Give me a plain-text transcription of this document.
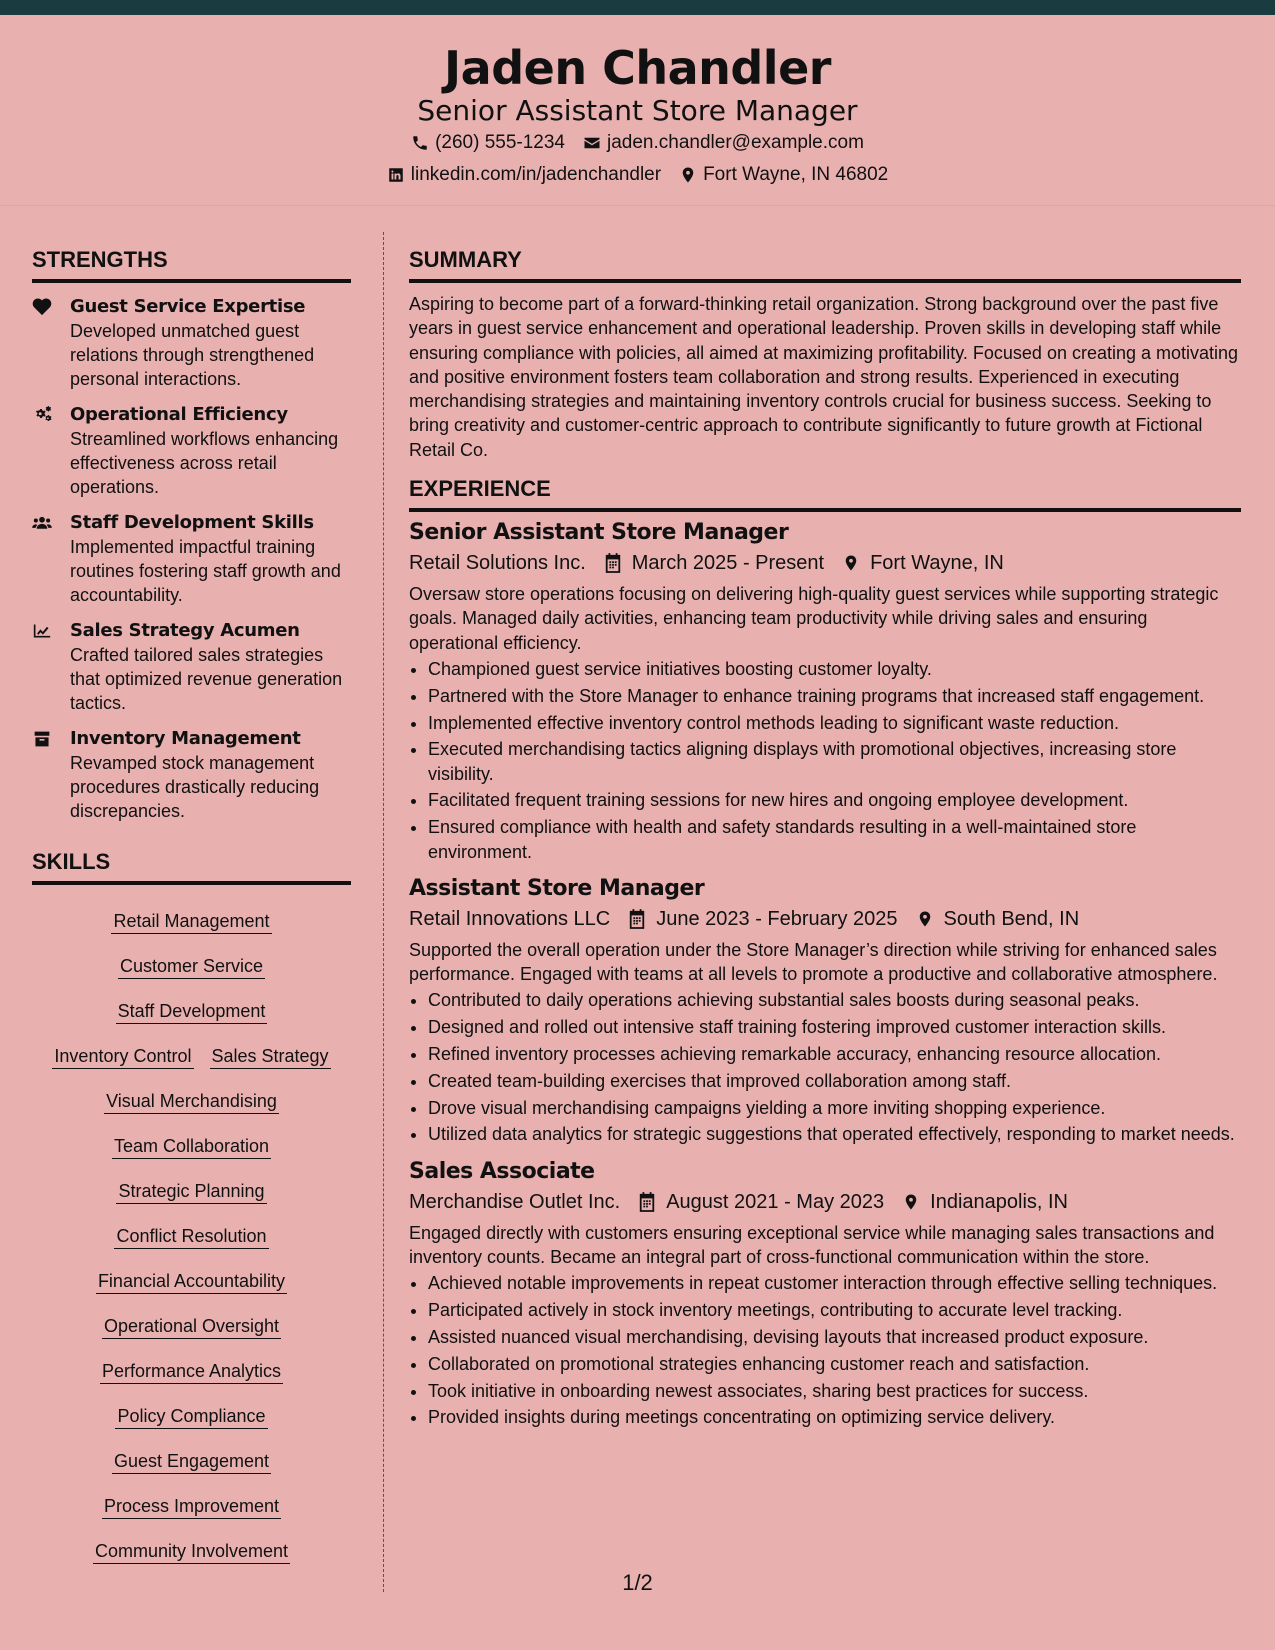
Jaden Chandler
Senior Assistant Store Manager
(260) 555-1234 jaden.chandler@example.com
linkedin.com/in/jadenchandler Fort Wayne, IN 46802
STRENGTHS
Guest Service Expertise
Developed unmatched guest relations through strengthened personal interactions.
Operational Efficiency
Streamlined workflows enhancing effectiveness across retail operations.
Staff Development Skills
Implemented impactful training routines fostering staff growth and accountability.
Sales Strategy Acumen
Crafted tailored sales strategies that optimized revenue generation tactics.
Inventory Management
Revamped stock management procedures drastically reducing discrepancies.
SKILLS
Retail Management
Customer Service
Staff Development
Inventory Control Sales Strategy
Visual Merchandising
Team Collaboration
Strategic Planning
Conflict Resolution
Financial Accountability
Operational Oversight
Performance Analytics
Policy Compliance
Guest Engagement
Process Improvement
Community Involvement
SUMMARY

Aspiring to become part of a forward-thinking retail organization. Strong background over the past five years in guest service enhancement and operational leadership. Proven skills in developing staff while ensuring compliance with policies, all aimed at maximizing profitability. Focused on creating a motivating and positive environment fosters team collaboration and strong results. Experienced in executing merchandising strategies and maintaining inventory controls crucial for business success. Seeking to bring creativity and customer-centric approach to contribute significantly to future growth at Fictional Retail Co.

EXPERIENCE
Senior Assistant Store Manager
Retail Solutions Inc. March 2025 - Present Fort Wayne, IN
Oversaw store operations focusing on delivering high-quality guest services while supporting strategic goals. Managed daily activities, enhancing team productivity while driving sales and ensuring operational efficiency.
• Championed guest service initiatives boosting customer loyalty.
• Partnered with the Store Manager to enhance training programs that increased staff engagement.
• Implemented effective inventory control methods leading to significant waste reduction.
• Executed merchandising tactics aligning displays with promotional objectives, increasing store visibility.
• Facilitated frequent training sessions for new hires and ongoing employee development.
• Ensured compliance with health and safety standards resulting in a well-maintained store environment.
Assistant Store Manager
Retail Innovations LLC June 2023 - February 2025 South Bend, IN
Supported the overall operation under the Store Manager’s direction while striving for enhanced sales performance. Engaged with teams at all levels to promote a productive and collaborative atmosphere.
• Contributed to daily operations achieving substantial sales boosts during seasonal peaks.
• Designed and rolled out intensive staff training fostering improved customer interaction skills.
• Refined inventory processes achieving remarkable accuracy, enhancing resource allocation.
• Created team-building exercises that improved collaboration among staff.
• Drove visual merchandising campaigns yielding a more inviting shopping experience.
• Utilized data analytics for strategic suggestions that operated effectively, responding to market needs.
Sales Associate
Merchandise Outlet Inc. August 2021 - May 2023 Indianapolis, IN
Engaged directly with customers ensuring exceptional service while managing sales transactions and inventory counts. Became an integral part of cross-functional communication within the store.
• Achieved notable improvements in repeat customer interaction through effective selling techniques.
• Participated actively in stock inventory meetings, contributing to accurate level tracking.
• Assisted nuanced visual merchandising, devising layouts that increased product exposure.
• Collaborated on promotional strategies enhancing customer reach and satisfaction.
• Took initiative in onboarding newest associates, sharing best practices for success.
• Provided insights during meetings concentrating on optimizing service delivery.
1/2
